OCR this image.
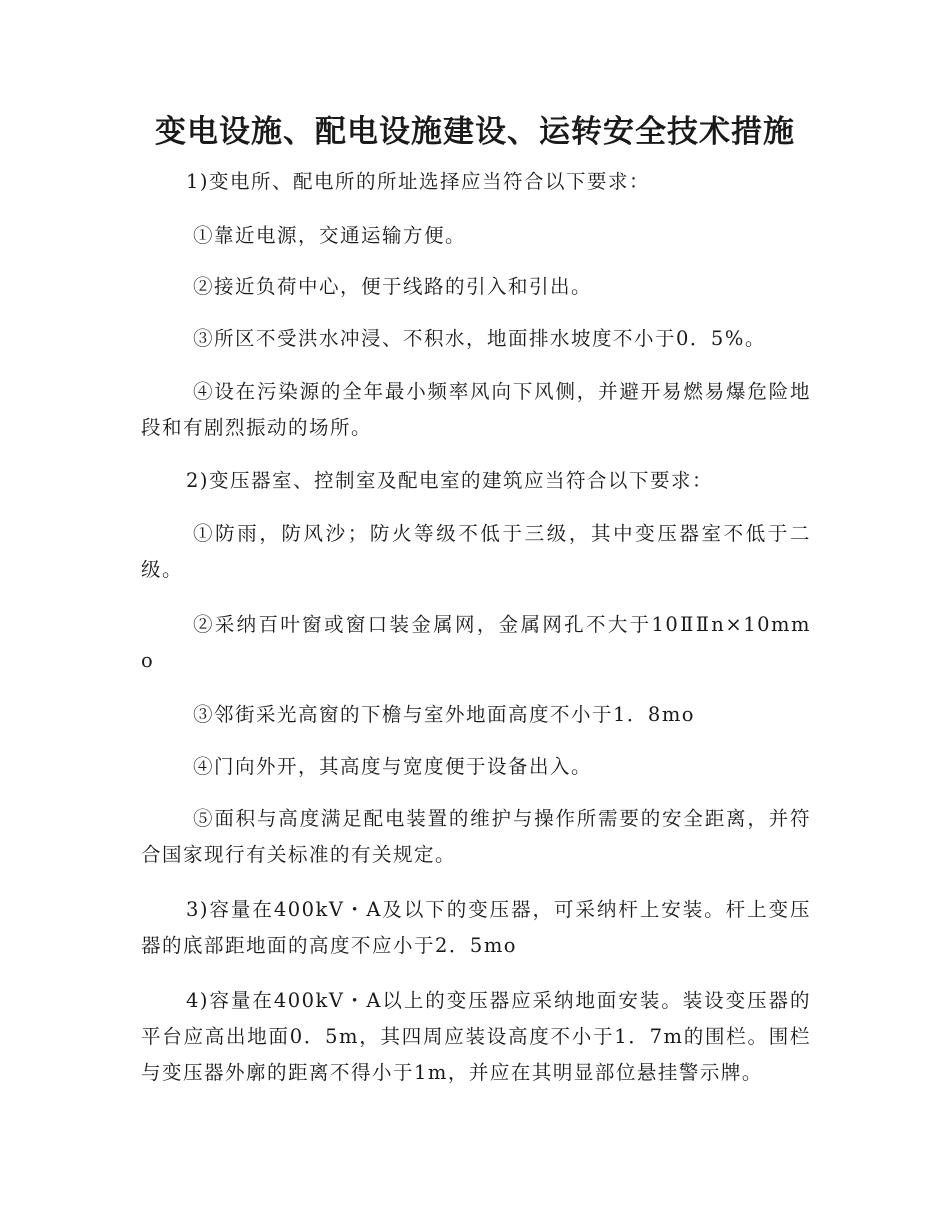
变电设施、配电设施建设、运转安全技术措施

1)变电所、配电所的所址选择应当符合以下要求：

①靠近电源，交通运输方便。

②接近负荷中心，便于线路的引入和引出。

③所区不受洪水冲浸、不积水，地面排水坡度不小于0．5%。

④设在污染源的全年最小频率风向下风侧，并避开易燃易爆危险地段和有剧烈振动的场所。

2)变压器室、控制室及配电室的建筑应当符合以下要求：

①防雨，防风沙；防火等级不低于三级，其中变压器室不低于二级。

②采纳百叶窗或窗口装金属网，金属网孔不大于10ⅡⅡn×10mm o

③邻街采光高窗的下檐与室外地面高度不小于1．8mo

④门向外开，其高度与宽度便于设备出入。

⑤面积与高度满足配电装置的维护与操作所需要的安全距离，并符合国家现行有关标准的有关规定。

3)容量在400kV・A及以下的变压器，可采纳杆上安装。杆上变压器的底部距地面的高度不应小于2．5mo

4)容量在400kV・A以上的变压器应采纳地面安装。装设变压器的平台应高出地面0．5m，其四周应装设高度不小于1．7m的围栏。围栏与变压器外廓的距离不得小于1m，并应在其明显部位悬挂警示牌。
